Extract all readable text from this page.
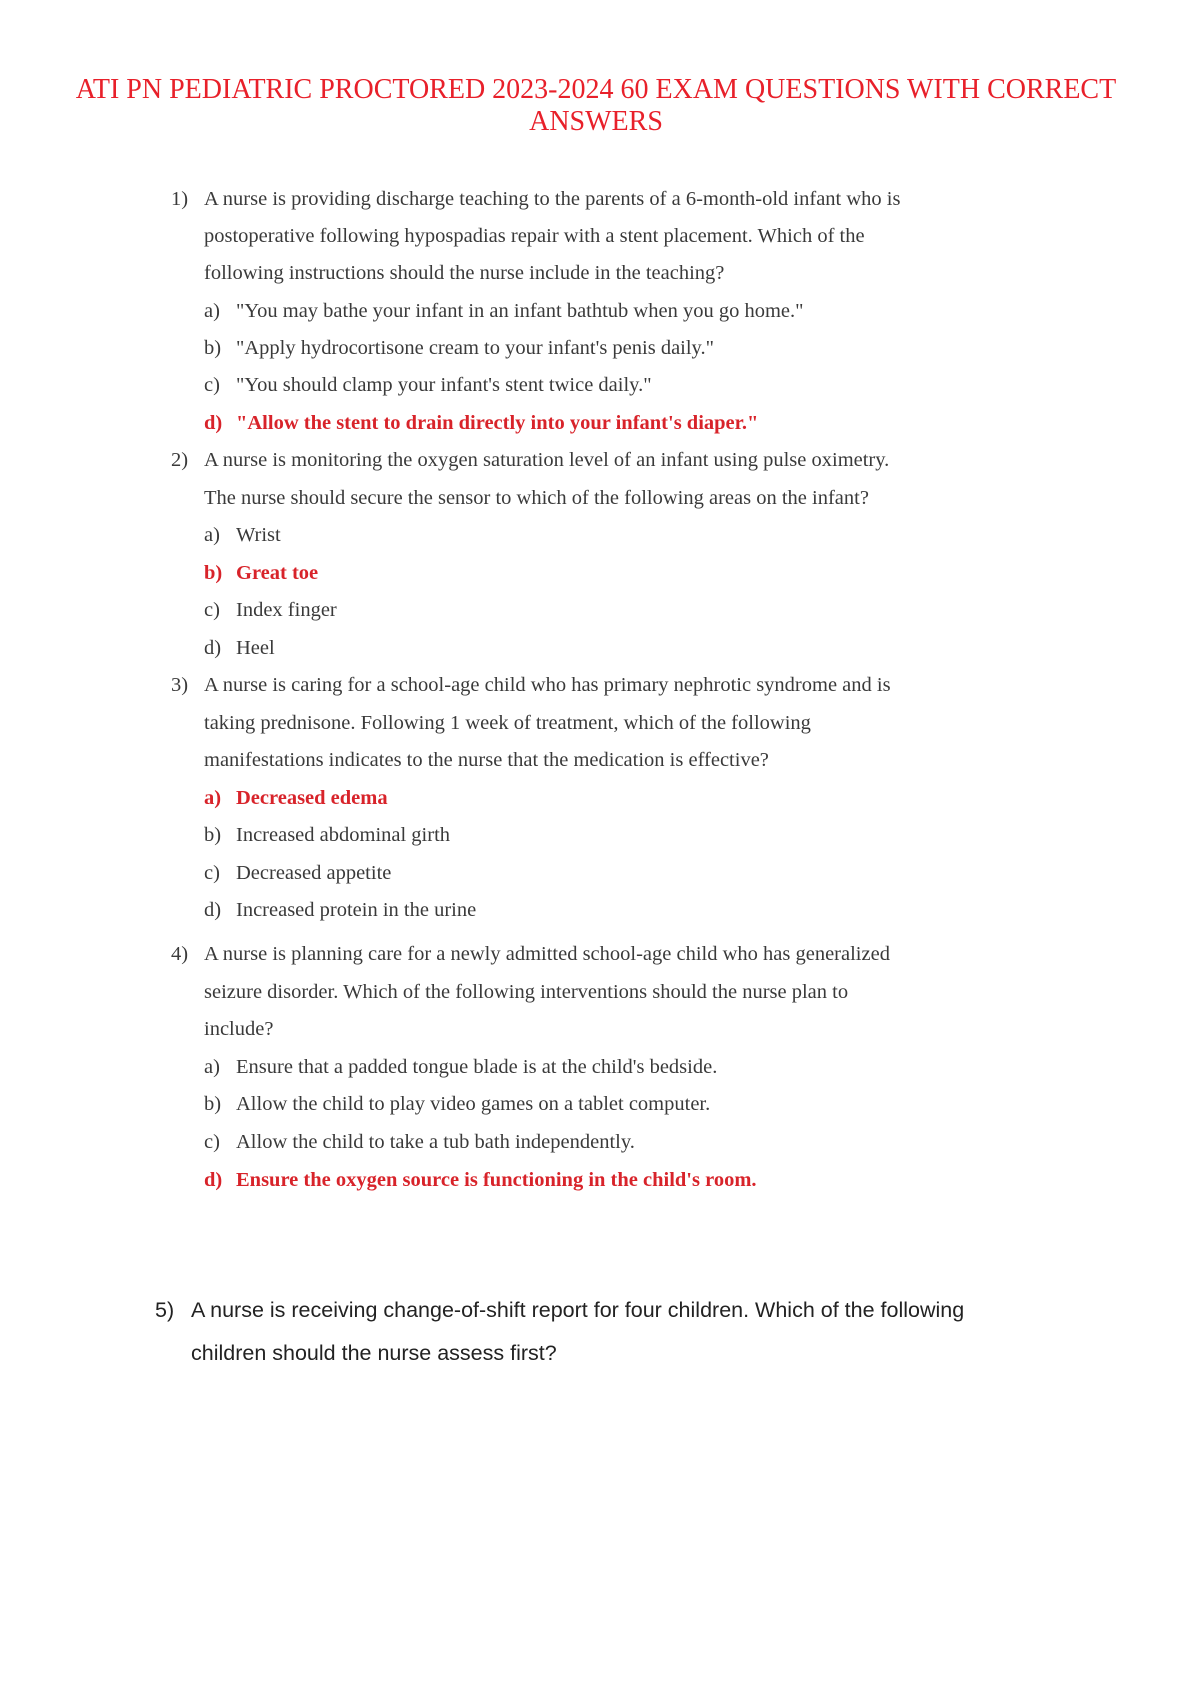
ATI PN PEDIATRIC PROCTORED 2023-2024 60 EXAM QUESTIONS WITH CORRECT ANSWERS
1) A nurse is providing discharge teaching to the parents of a 6-month-old infant who is
postoperative following hypospadias repair with a stent placement. Which of the
following instructions should the nurse include in the teaching?
a) "You may bathe your infant in an infant bathtub when you go home."
b) "Apply hydrocortisone cream to your infant's penis daily."
c) "You should clamp your infant's stent twice daily."
d) "Allow the stent to drain directly into your infant's diaper."
2) A nurse is monitoring the oxygen saturation level of an infant using pulse oximetry.
The nurse should secure the sensor to which of the following areas on the infant?
a) Wrist
b) Great toe
c) Index finger
d) Heel
3) A nurse is caring for a school-age child who has primary nephrotic syndrome and is
taking prednisone. Following 1 week of treatment, which of the following
manifestations indicates to the nurse that the medication is effective?
a) Decreased edema
b) Increased abdominal girth
c) Decreased appetite
d) Increased protein in the urine
4) A nurse is planning care for a newly admitted school-age child who has generalized
seizure disorder. Which of the following interventions should the nurse plan to
include?
a) Ensure that a padded tongue blade is at the child's bedside.
b) Allow the child to play video games on a tablet computer.
c) Allow the child to take a tub bath independently.
d) Ensure the oxygen source is functioning in the child's room.
5) A nurse is receiving change-of-shift report for four children. Which of the following
children should the nurse assess first?
